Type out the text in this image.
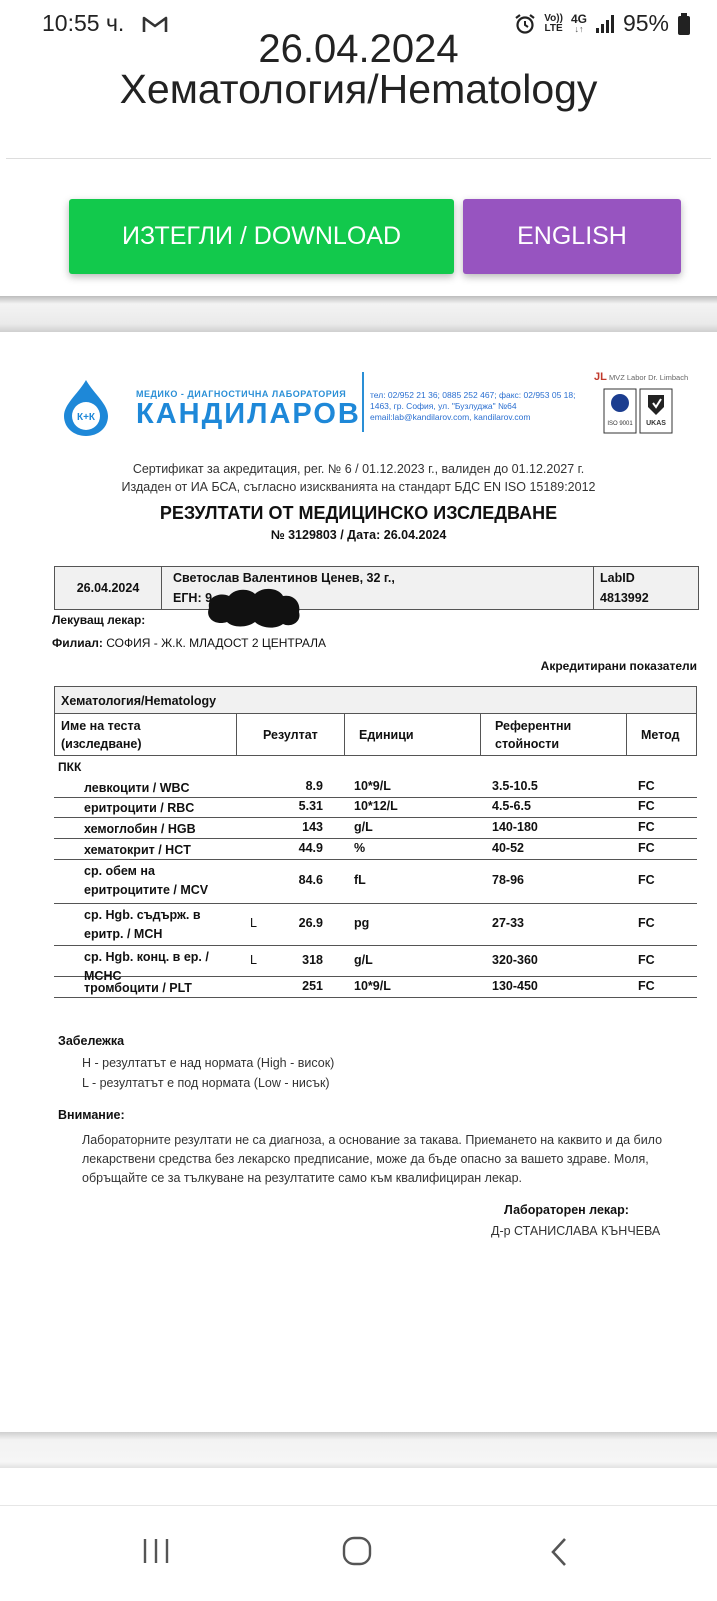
10:55 ч.	Vo))
LTE
4G
↓↑ 95%
26.04.2024
Хематология/Hematology
ИЗТЕГЛИ / DOWNLOAD	ENGLISH
К+К
МЕДИКО - ДИАГНОСТИЧНА ЛАБОРАТОРИЯ
КАНДИЛАРОВ
тел: 02/952 21 36; 0885 252 467; факс: 02/953 05 18;
1463, гр. София, ул. "Бузлуджа" №64
email:lab@kandilarov.com, kandilarov.com
JL MVZ Labor Dr. Limbach
ISO 9001 UKAS
Сертификат за акредитация, рег. № 6 / 01.12.2023 г., валиден до 01.12.2027 г.
Издаден от ИА БСА, съгласно изискванията на стандарт БДС EN ISO 15189:2012
РЕЗУЛТАТИ ОТ МЕДИЦИНСКО ИЗСЛЕДВАНЕ
№ 3129803 / Дата: 26.04.2024
26.04.2024
Светослав Валентинов Ценев, 32 г.,
ЕГН: 9
LabID
4813992
Лекуващ лекар:
Филиал: СОФИЯ - Ж.К. МЛАДОСТ 2 ЦЕНТРАЛА
Акредитирани показатели
Хематология/Hematology
Име на теста
(изследване)
Резултат	Единици
Референтни
стойности
Метод
ПКК
левкоцити / WBC	8.9 10*9/L	3.5-10.5	FC
еритроцити / RBC	5.31 10*12/L	4.5-6.5	FC
хемоглобин / HGB	143 g/L	140-180	FC
хематокрит / HCT	44.9 %	40-52	FC
ср. обем на
еритроцитите / MCV
84.6 fL	78-96	FC
ср. Hgb. съдърж. в
еритр. / MCH
L	26.9 pg	27-33	FC
ср. Hgb. конц. в ер. /
MCHC
L	318 g/L	320-360	FC
тромбоцити / PLT	251 10*9/L	130-450	FC
Забележка
H - резултатът е над нормата (High - висок)
L - резултатът е под нормата (Low - нисък)
Внимание:
Лабораторните резултати не са диагноза, а основание за такава. Приемането на каквито и да било лекарствени средства без лекарско предписание, може да бъде опасно за вашето здраве. Моля, обръщайте се за тълкуване на резултатите само към квалифициран лекар.
Лабораторен лекар:
Д-р СТАНИСЛАВА КЪНЧЕВА
